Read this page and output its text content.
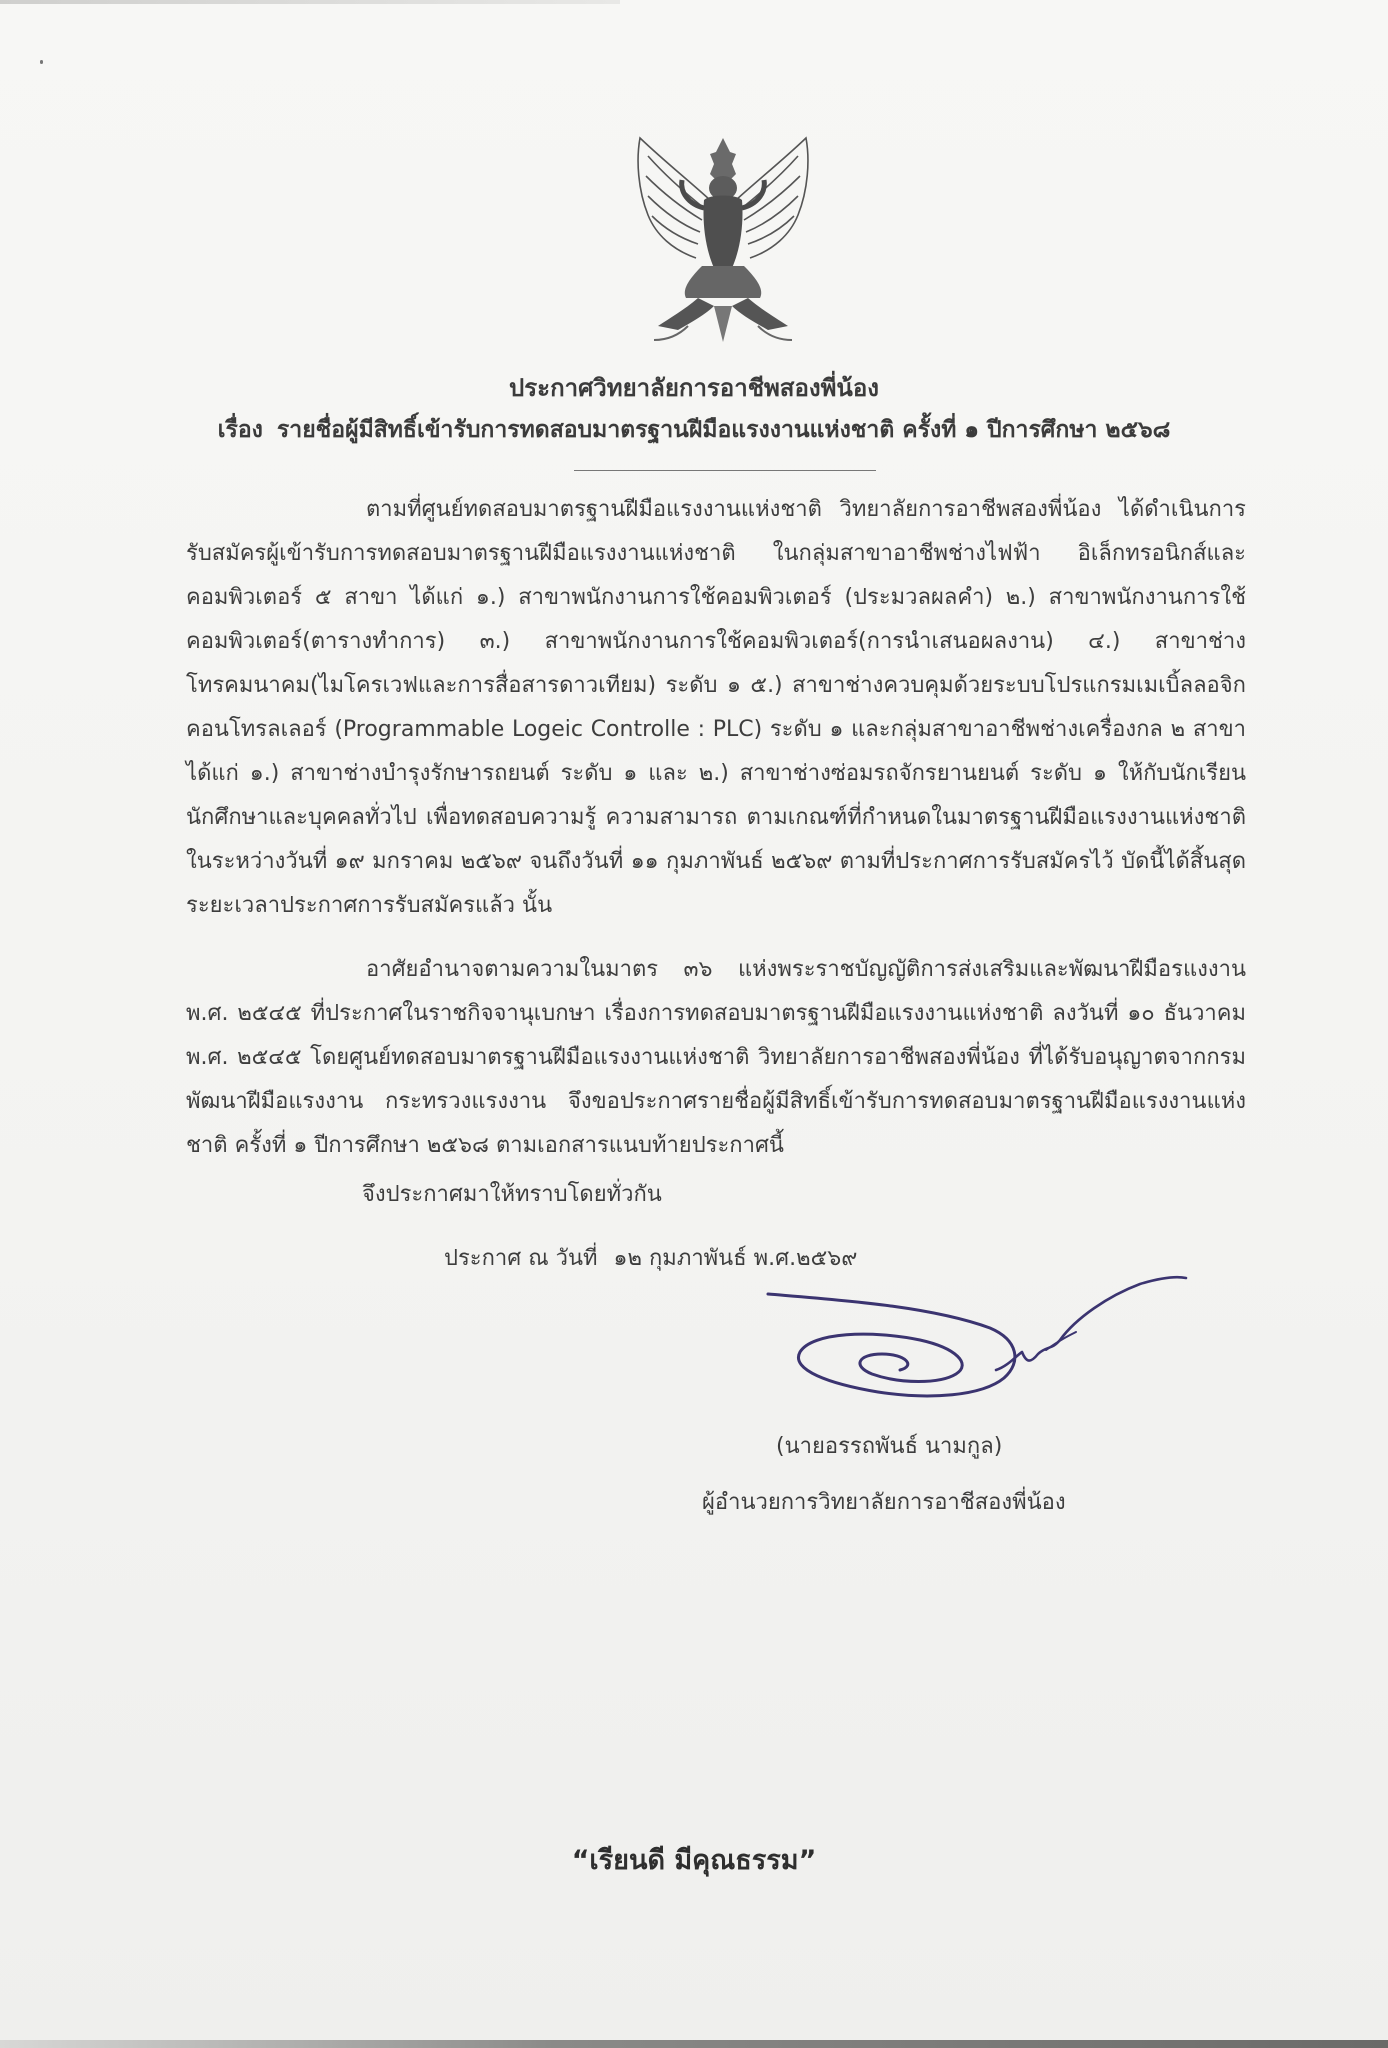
ประกาศวิทยาลัยการอาชีพสองพี่น้อง
เรื่อง รายชื่อผู้มีสิทธิ์เข้ารับการทดสอบมาตรฐานฝีมือแรงงานแห่งชาติ ครั้งที่ ๑ ปีการศึกษา ๒๕๖๘
ตามที่ศูนย์ทดสอบมาตรฐานฝีมือแรงงานแห่งชาติ วิทยาลัยการอาชีพสองพี่น้อง ได้ดำเนินการรับสมัครผู้เข้ารับการทดสอบมาตรฐานฝีมือแรงงานแห่งชาติ ในกลุ่มสาขาอาชีพช่างไฟฟ้า อิเล็กทรอนิกส์และคอมพิวเตอร์ ๕ สาขา ได้แก่ ๑.) สาขาพนักงานการใช้คอมพิวเตอร์ (ประมวลผลคำ) ๒.) สาขาพนักงานการใช้คอมพิวเตอร์(ตารางทำการ) ๓.) สาขาพนักงานการใช้คอมพิวเตอร์(การนำเสนอผลงาน) ๔.) สาขาช่างโทรคมนาคม(ไมโครเวฟและการสื่อสารดาวเทียม) ระดับ ๑ ๕.) สาขาช่างควบคุมด้วยระบบโปรแกรมเมเบิ้ลลอจิกคอนโทรลเลอร์ (Programmable Logeic Controlle : PLC) ระดับ ๑ และกลุ่มสาขาอาชีพช่างเครื่องกล ๒ สาขา ได้แก่ ๑.) สาขาช่างบำรุงรักษารถยนต์ ระดับ ๑ และ ๒.) สาขาช่างซ่อมรถจักรยานยนต์ ระดับ ๑ ให้กับนักเรียน นักศึกษาและบุคคลทั่วไป เพื่อทดสอบความรู้ ความสามารถ ตามเกณฑ์ที่กำหนดในมาตรฐานฝีมือแรงงานแห่งชาติ ในระหว่างวันที่ ๑๙ มกราคม ๒๕๖๙ จนถึงวันที่ ๑๑ กุมภาพันธ์ ๒๕๖๙ ตามที่ประกาศการรับสมัครไว้ บัดนี้ได้สิ้นสุดระยะเวลาประกาศการรับสมัครแล้ว นั้น
อาศัยอำนาจตามความในมาตร ๓๖ แห่งพระราชบัญญัติการส่งเสริมและพัฒนาฝีมือรแงงาน พ.ศ. ๒๕๔๕ ที่ประกาศในราชกิจจานุเบกษา เรื่องการทดสอบมาตรฐานฝีมือแรงงานแห่งชาติ ลงวันที่ ๑๐ ธันวาคม พ.ศ. ๒๕๔๕ โดยศูนย์ทดสอบมาตรฐานฝีมือแรงงานแห่งชาติ วิทยาลัยการอาชีพสองพี่น้อง ที่ได้รับอนุญาตจากกรมพัฒนาฝีมือแรงงาน กระทรวงแรงงาน จึงขอประกาศรายชื่อผู้มีสิทธิ์เข้ารับการทดสอบมาตรฐานฝีมือแรงงานแห่งชาติ ครั้งที่ ๑ ปีการศึกษา ๒๕๖๘ ตามเอกสารแนบท้ายประกาศนี้
จึงประกาศมาให้ทราบโดยทั่วกัน
ประกาศ ณ วันที่ ๑๒ กุมภาพันธ์ พ.ศ.๒๕๖๙
(นายอรรถพันธ์ นามกูล)
ผู้อำนวยการวิทยาลัยการอาชีสองพี่น้อง
“เรียนดี มีคุณธรรม”
